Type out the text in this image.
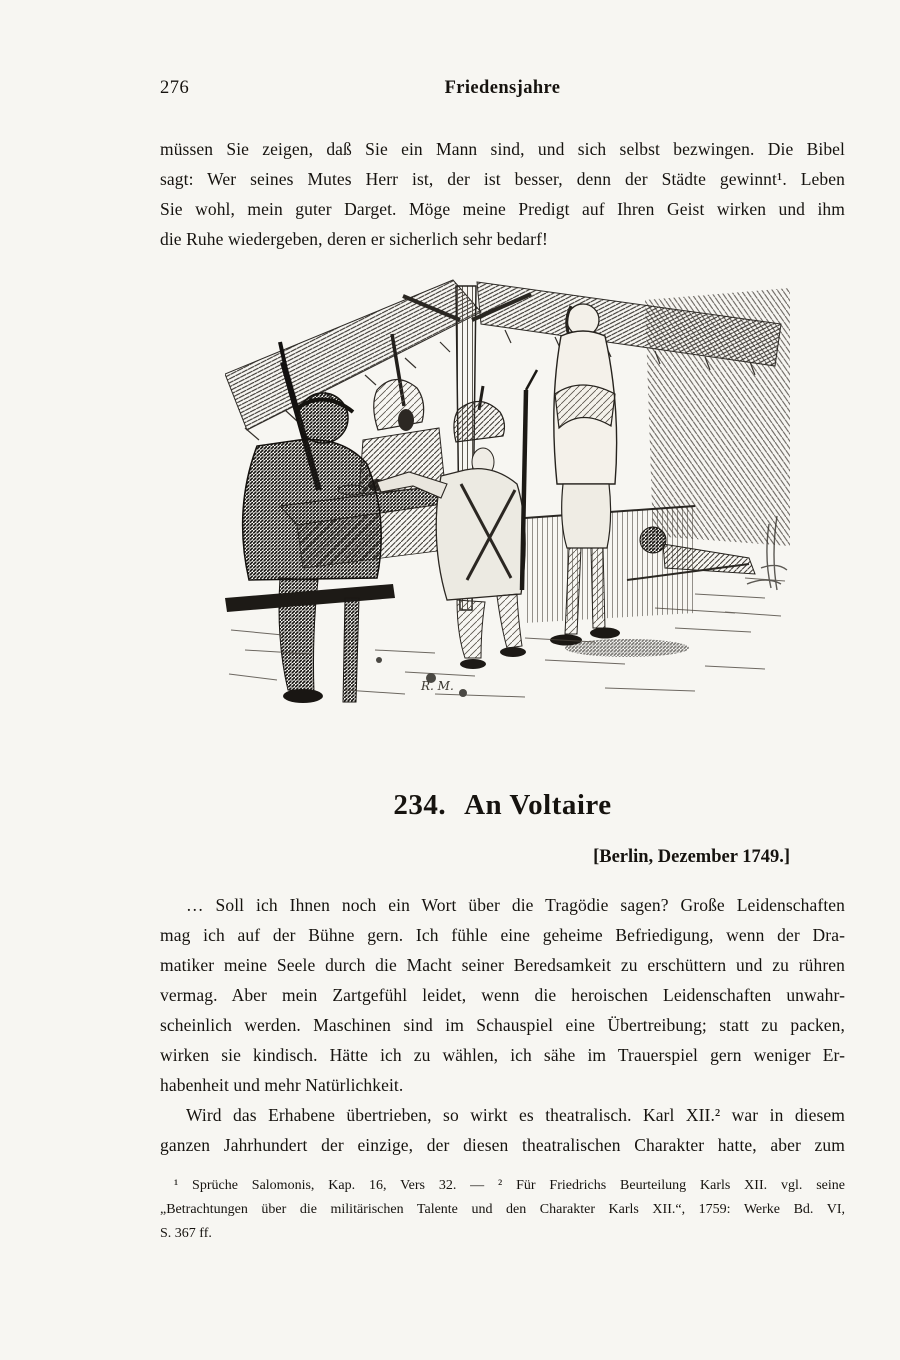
276	Friedensjahre
müssen Sie zeigen, daß Sie ein Mann sind, und sich selbst bezwingen. Die Bibel
sagt: Wer seines Mutes Herr ist, der ist besser, denn der Städte gewinnt¹. Leben
Sie wohl, mein guter Darget. Möge meine Predigt auf Ihren Geist wirken und ihm
die Ruhe wiedergeben, deren er sicherlich sehr bedarf!
R. M.
234. An Voltaire
[Berlin, Dezember 1749.]
… Soll ich Ihnen noch ein Wort über die Tragödie sagen? Große Leidenschaften
mag ich auf der Bühne gern. Ich fühle eine geheime Befriedigung, wenn der Dra-
matiker meine Seele durch die Macht seiner Beredsamkeit zu erschüttern und zu rühren
vermag. Aber mein Zartgefühl leidet, wenn die heroischen Leidenschaften unwahr-
scheinlich werden. Maschinen sind im Schauspiel eine Übertreibung; statt zu packen,
wirken sie kindisch. Hätte ich zu wählen, ich sähe im Trauerspiel gern weniger Er-
habenheit und mehr Natürlichkeit.
Wird das Erhabene übertrieben, so wirkt es theatralisch. Karl XII.² war in diesem
ganzen Jahrhundert der einzige, der diesen theatralischen Charakter hatte, aber zum
¹ Sprüche Salomonis, Kap. 16, Vers 32. — ² Für Friedrichs Beurteilung Karls XII. vgl. seine
„Betrachtungen über die militärischen Talente und den Charakter Karls XII.“, 1759: Werke Bd. VI,
S. 367 ff.
